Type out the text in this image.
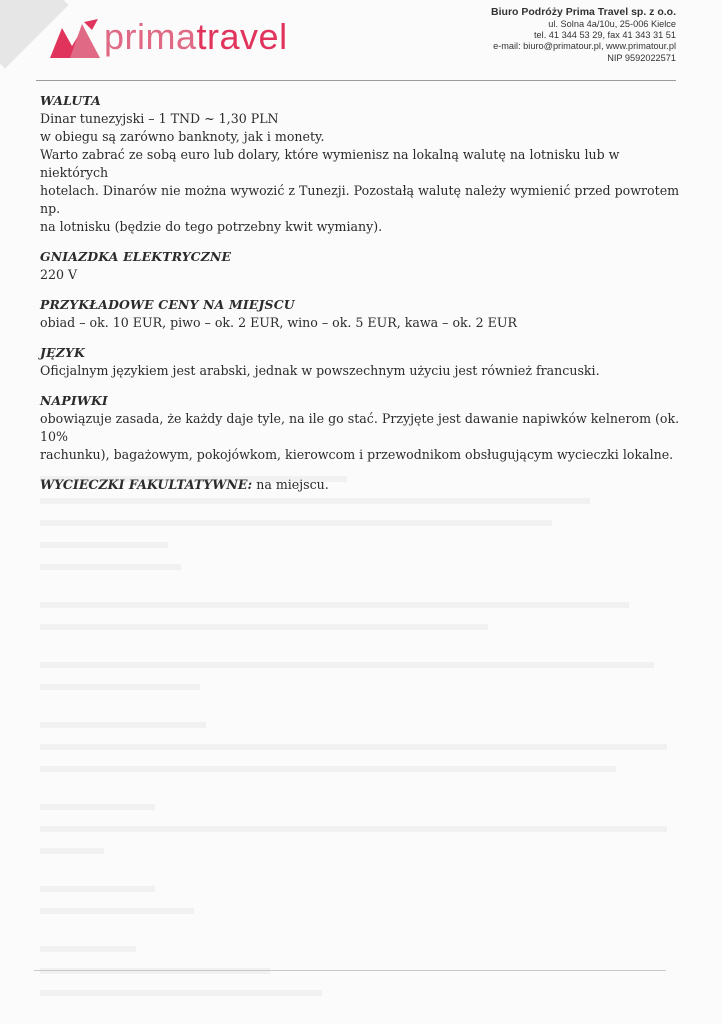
primatravel
Biuro Podróży Prima Travel sp. z o.o.
ul. Solna 4a/10u, 25-006 Kielce
tel. 41 344 53 29, fax 41 343 31 51
e-mail: biuro@primatour.pl, www.primatour.pl
NIP 9592022571

WALUTA

Dinar tunezyjski – 1 TND ~ 1,30 PLN

w obiegu są zarówno banknoty, jak i monety.

Warto zabrać ze sobą euro lub dolary, które wymienisz na lokalną walutę na lotnisku lub w niektórych

hotelach. Dinarów nie można wywozić z Tunezji. Pozostałą walutę należy wymienić przed powrotem np.

na lotnisku (będzie do tego potrzebny kwit wymiany).

GNIAZDKA ELEKTRYCZNE

220 V

PRZYKŁADOWE CENY NA MIEJSCU

obiad – ok. 10 EUR, piwo – ok. 2 EUR, wino – ok. 5 EUR, kawa – ok. 2 EUR

JĘZYK

Oficjalnym językiem jest arabski, jednak w powszechnym użyciu jest również francuski.

NAPIWKI

obowiązuje zasada, że każdy daje tyle, na ile go stać. Przyjęte jest dawanie napiwków kelnerom (ok. 10%

rachunku), bagażowym, pokojówkom, kierowcom i przewodnikom obsługującym wycieczki lokalne.

WYCIECZKI FAKULTATYWNE: na miejscu.
